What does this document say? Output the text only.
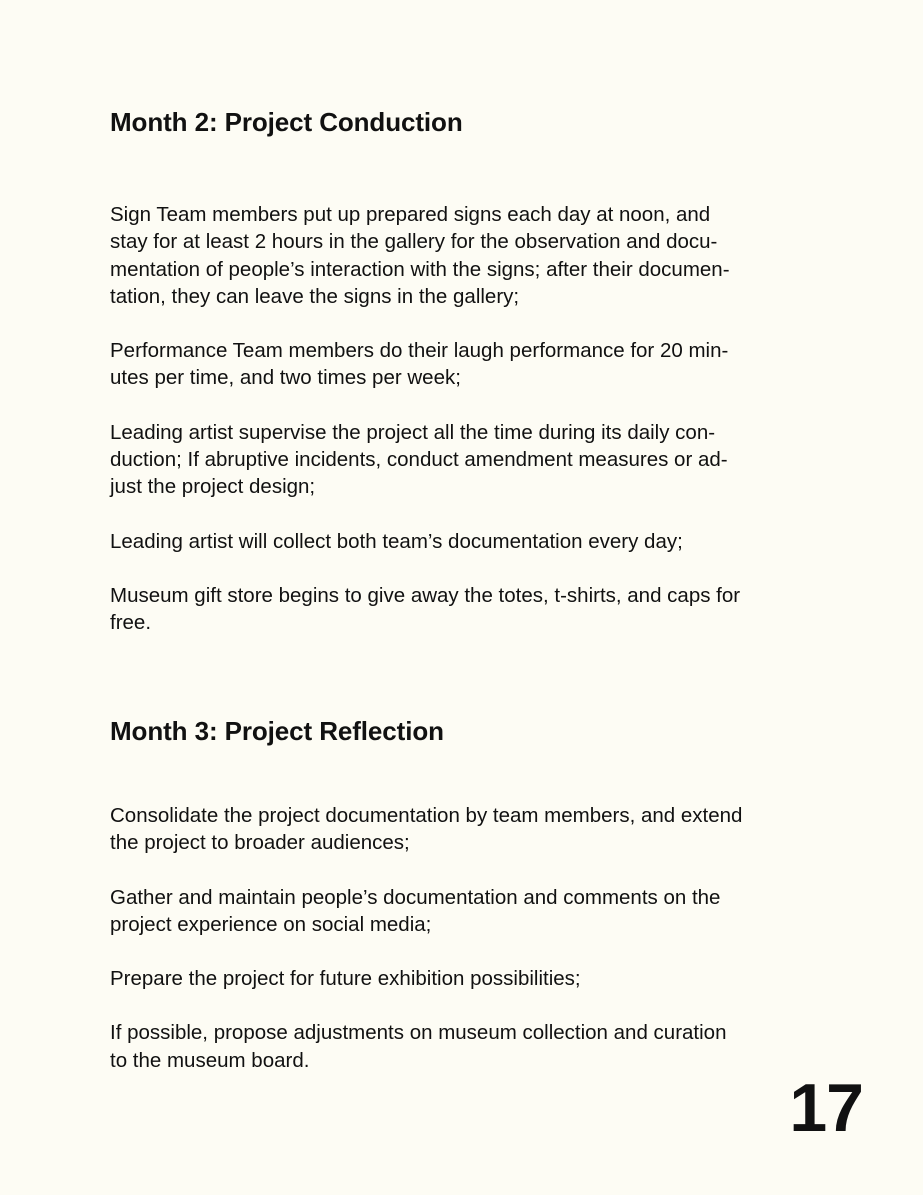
Month 2: Project Conduction

Sign Team members put up prepared signs each day at noon, and
stay for at least 2 hours in the gallery for the observation and docu-
mentation of people’s interaction with the signs; after their documen-
tation, they can leave the signs in the gallery;

Performance Team members do their laugh performance for 20 min-
utes per time, and two times per week;

Leading artist supervise the project all the time during its daily con-
duction; If abruptive incidents, conduct amendment measures or ad-
just the project design;

Leading artist will collect both team’s documentation every day;

Museum gift store begins to give away the totes, t-shirts, and caps for
free.

Month 3: Project Reflection

Consolidate the project documentation by team members, and extend
the project to broader audiences;

Gather and maintain people’s documentation and comments on the
project experience on social media;

Prepare the project for future exhibition possibilities;

If possible, propose adjustments on museum collection and curation
to the museum board.

17
